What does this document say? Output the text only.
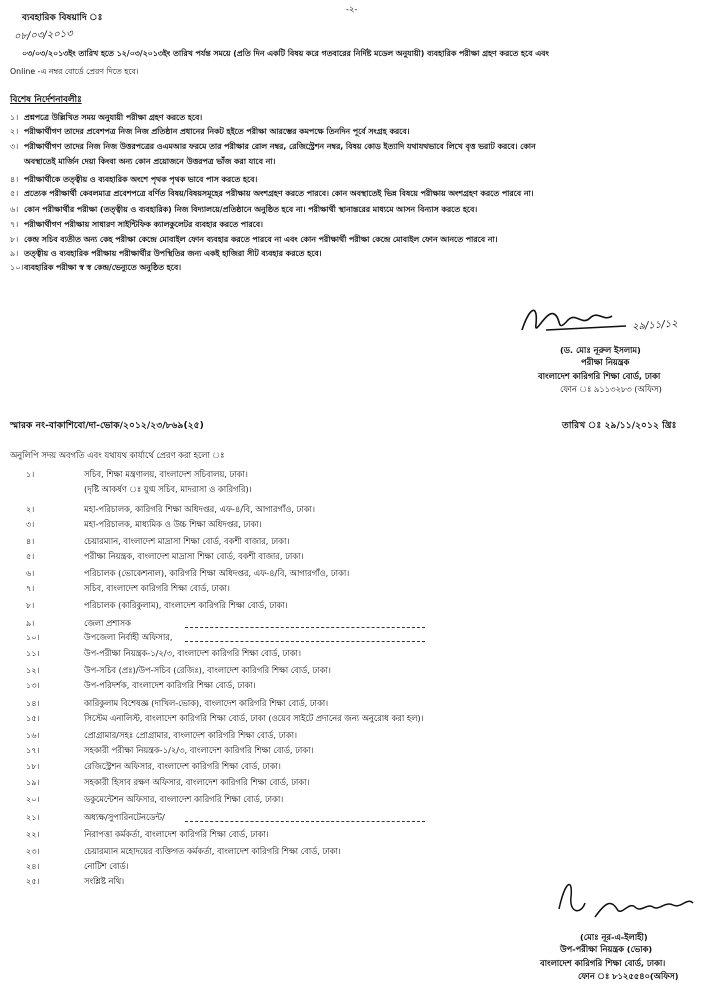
-২-
ব্যবহারিক বিষয়াদি ঃ
০৮/০৩/২০১৩
০৩/০৩/২০১৩ইং তারিখ হতে ১২/০৩/২০১৩ইং তারিখ পর্যন্ত সময়ে (প্রতি দিন একটি বিষয় করে গতবারের নির্দিষ্ট মডেল অনুযায়ী) ব্যবহারিক পরীক্ষা গ্রহণ করতে হবে এবং
Online -এ নম্বর বোর্ডে প্রেরণ দিতে হবে।
বিশেষ নির্দেশনাবলীঃ
১। প্রশ্নপত্রে উল্লিখিত সময় অনুযায়ী পরীক্ষা গ্রহণ করতে হবে।
২। পরীক্ষার্থীগণ তাদের প্রবেশপত্র নিজ নিজ প্রতিষ্ঠান প্রধানের নিকট হইতে পরীক্ষা আরম্ভের কমপক্ষে তিনদিন পূর্বে সংগ্রহ করবে।
৩। পরীক্ষার্থীগণ তাদের নিজ নিজ উত্তরপত্রের ওএমআর ফরমে তার পরীক্ষার রোল নম্বর, রেজিস্ট্রেশন নম্বর, বিষয় কোড ইত্যাদি যথাযথভাবে লিখে বৃত্ত ভরাট করবে। কোন
অবস্থাতেই মার্জিন দেয়া কিংবা অন্য কোন প্রয়োজনে উত্তরপত্র ভাঁজ করা যাবে না।
৪। পরীক্ষার্থীকে তত্ত্বীয় ও ব্যবহারিক অংশে পৃথক পৃথক ভাবে পাস করতে হবে।
৫। প্রত্যেক পরীক্ষার্থী কেবলমাত্র প্রবেশপত্রে বর্ণিত বিষয়/বিষয়সমূহের পরীক্ষায় অংশগ্রহণ করতে পারবে। কোন অবস্থাতেই ভিন্ন বিষয়ে পরীক্ষায় অংশগ্রহণ করতে পারবে না।
৬। কোন পরীক্ষার্থীর পরীক্ষা (তত্ত্বীয় ও ব্যবহারিক) নিজ বিদ্যালয়ে/প্রতিষ্ঠানে অনুষ্ঠিত হবে না। পরীক্ষার্থী স্থানান্তরের মাধ্যমে আসন বিন্যাস করতে হবে।
৭। পরীক্ষার্থীগণ পরীক্ষায় সাধারণ সাইন্টিফিক ক্যালকুলেটর ব্যবহার করতে পারবে।
৮। কেন্দ্র সচিব ব্যতীত অন্য কেহ পরীক্ষা কেন্দ্রে মোবাইল ফোন ব্যবহার করতে পারবে না এবং কোন পরীক্ষার্থী পরীক্ষা কেন্দ্রে মোবাইল ফোন আনতে পারবে না।
৯। তত্ত্বীয় ও ব্যবহারিক পরীক্ষায় পরীক্ষার্থীর উপস্থিতির জন্য একই হাজিরা সীট ব্যবহার করতে হবে।
১০। ব্যবহারিক পরীক্ষা স্ব স্ব কেন্দ্র/ভেন্যুতে অনুষ্ঠিত হবে।
২৯/১১/১২
(ড. মোঃ নূরুল ইসলাম)
পরীক্ষা নিয়ন্ত্রক
বাংলাদেশ কারিগরি শিক্ষা বোর্ড, ঢাকা
ফোন ঃ ৯১১৩২৮৩ (অফিস)
স্মারক নং-বাকাশিবো/দা-ভোক/২০১২/২৩/৮৬৯(২৫)	তারিখ ঃ ২৯/১১/২০১২ খ্রিঃ
অনুলিপি সদয় অবগতি এবং যথাযথ কার্যার্থে প্রেরণ করা হলো ঃ
১।	সচিব, শিক্ষা মন্ত্রণালয়, বাংলাদেশ সচিবালয়, ঢাকা।
(দৃষ্টি আকর্ষণ ঃ যুগ্ম সচিব, মাদরাসা ও কারিগরি)।
২।	মহা-পরিচালক, কারিগরি শিক্ষা অধিদপ্তর, এফ-৪/বি, আগারগাঁও, ঢাকা।
৩।	মহা-পরিচালক, মাধ্যমিক ও উচ্চ শিক্ষা অধিদপ্তর, ঢাকা।
৪।	চেয়ারম্যান, বাংলাদেশ মাদ্রাসা শিক্ষা বোর্ড, বকশী বাজার, ঢাকা।
৫।	পরীক্ষা নিয়ন্ত্রক, বাংলাদেশ মাদ্রাসা শিক্ষা বোর্ড, বকশী বাজার, ঢাকা।
৬।	পরিচালক (ভোকেশনাল), কারিগরি শিক্ষা অধিদপ্তর, এফ-৪/বি, আগারগাঁও, ঢাকা।
৭।	সচিব, বাংলাদেশ কারিগরি শিক্ষা বোর্ড, ঢাকা।
৮।	পরিচালক (কারিকুলাম), বাংলাদেশ কারিগরি শিক্ষা বোর্ড, ঢাকা।
৯।	জেলা প্রশাসক
১০।	উপজেলা নির্বাহী অফিসার,
১১।	উপ-পরীক্ষা নিয়ন্ত্রক-১/২/৩, বাংলাদেশ কারিগরি শিক্ষা বোর্ড, ঢাকা।
১২।	উপ-সচিব (প্রঃ)/উপ-সচিব (রেজিঃ), বাংলাদেশ কারিগরি শিক্ষা বোর্ড, ঢাকা।
১৩।	উপ-পরিদর্শক, বাংলাদেশ কারিগরি শিক্ষা বোর্ড, ঢাকা।
১৪।	কারিকুলাম বিশেষজ্ঞ (দাখিল-ভোক), বাংলাদেশ কারিগরি শিক্ষা বোর্ড, ঢাকা।
১৫।	সিস্টেম এনালিস্ট, বাংলাদেশ কারিগরি শিক্ষা বোর্ড, ঢাকা (ওয়েব সাইটে প্রদানের জন্য অনুরোধ করা হল)।
১৬।	প্রোগ্রামার/সহঃ প্রোগ্রামার, বাংলাদেশ কারিগরি শিক্ষা বোর্ড, ঢাকা।
১৭।	সহকারী পরীক্ষা নিয়ন্ত্রক-১/২/৩, বাংলাদেশ কারিগরি শিক্ষা বোর্ড, ঢাকা।
১৮।	রেজিস্ট্রেশন অফিসার, বাংলাদেশ কারিগরি শিক্ষা বোর্ড, ঢাকা।
১৯।	সহকারী হিসাব রক্ষণ অফিসার, বাংলাদেশ কারিগরি শিক্ষা বোর্ড, ঢাকা।
২০।	ডকুমেন্টেশন অফিসার, বাংলাদেশ কারিগরি শিক্ষা বোর্ড, ঢাকা।
২১।	অধ্যক্ষ/সুপারিনটেনডেন্ট/
২২।	নিরাপত্তা কর্মকর্তা, বাংলাদেশ কারিগরি শিক্ষা বোর্ড, ঢাকা।
২৩।	চেয়ারম্যান মহোদয়ের ব্যক্তিগত কর্মকর্তা, বাংলাদেশ কারিগরি শিক্ষা বোর্ড, ঢাকা।
২৪।	নোটিশ বোর্ড।
২৫।	সংশ্লিষ্ট নথি।
(মোঃ নূর-এ-ইলাহী)
উপ-পরীক্ষা নিয়ন্ত্রক (ভোক)
বাংলাদেশ কারিগরি শিক্ষা বোর্ড, ঢাকা।
ফোন ঃ ৮১২৫৫৪০(অফিস)
